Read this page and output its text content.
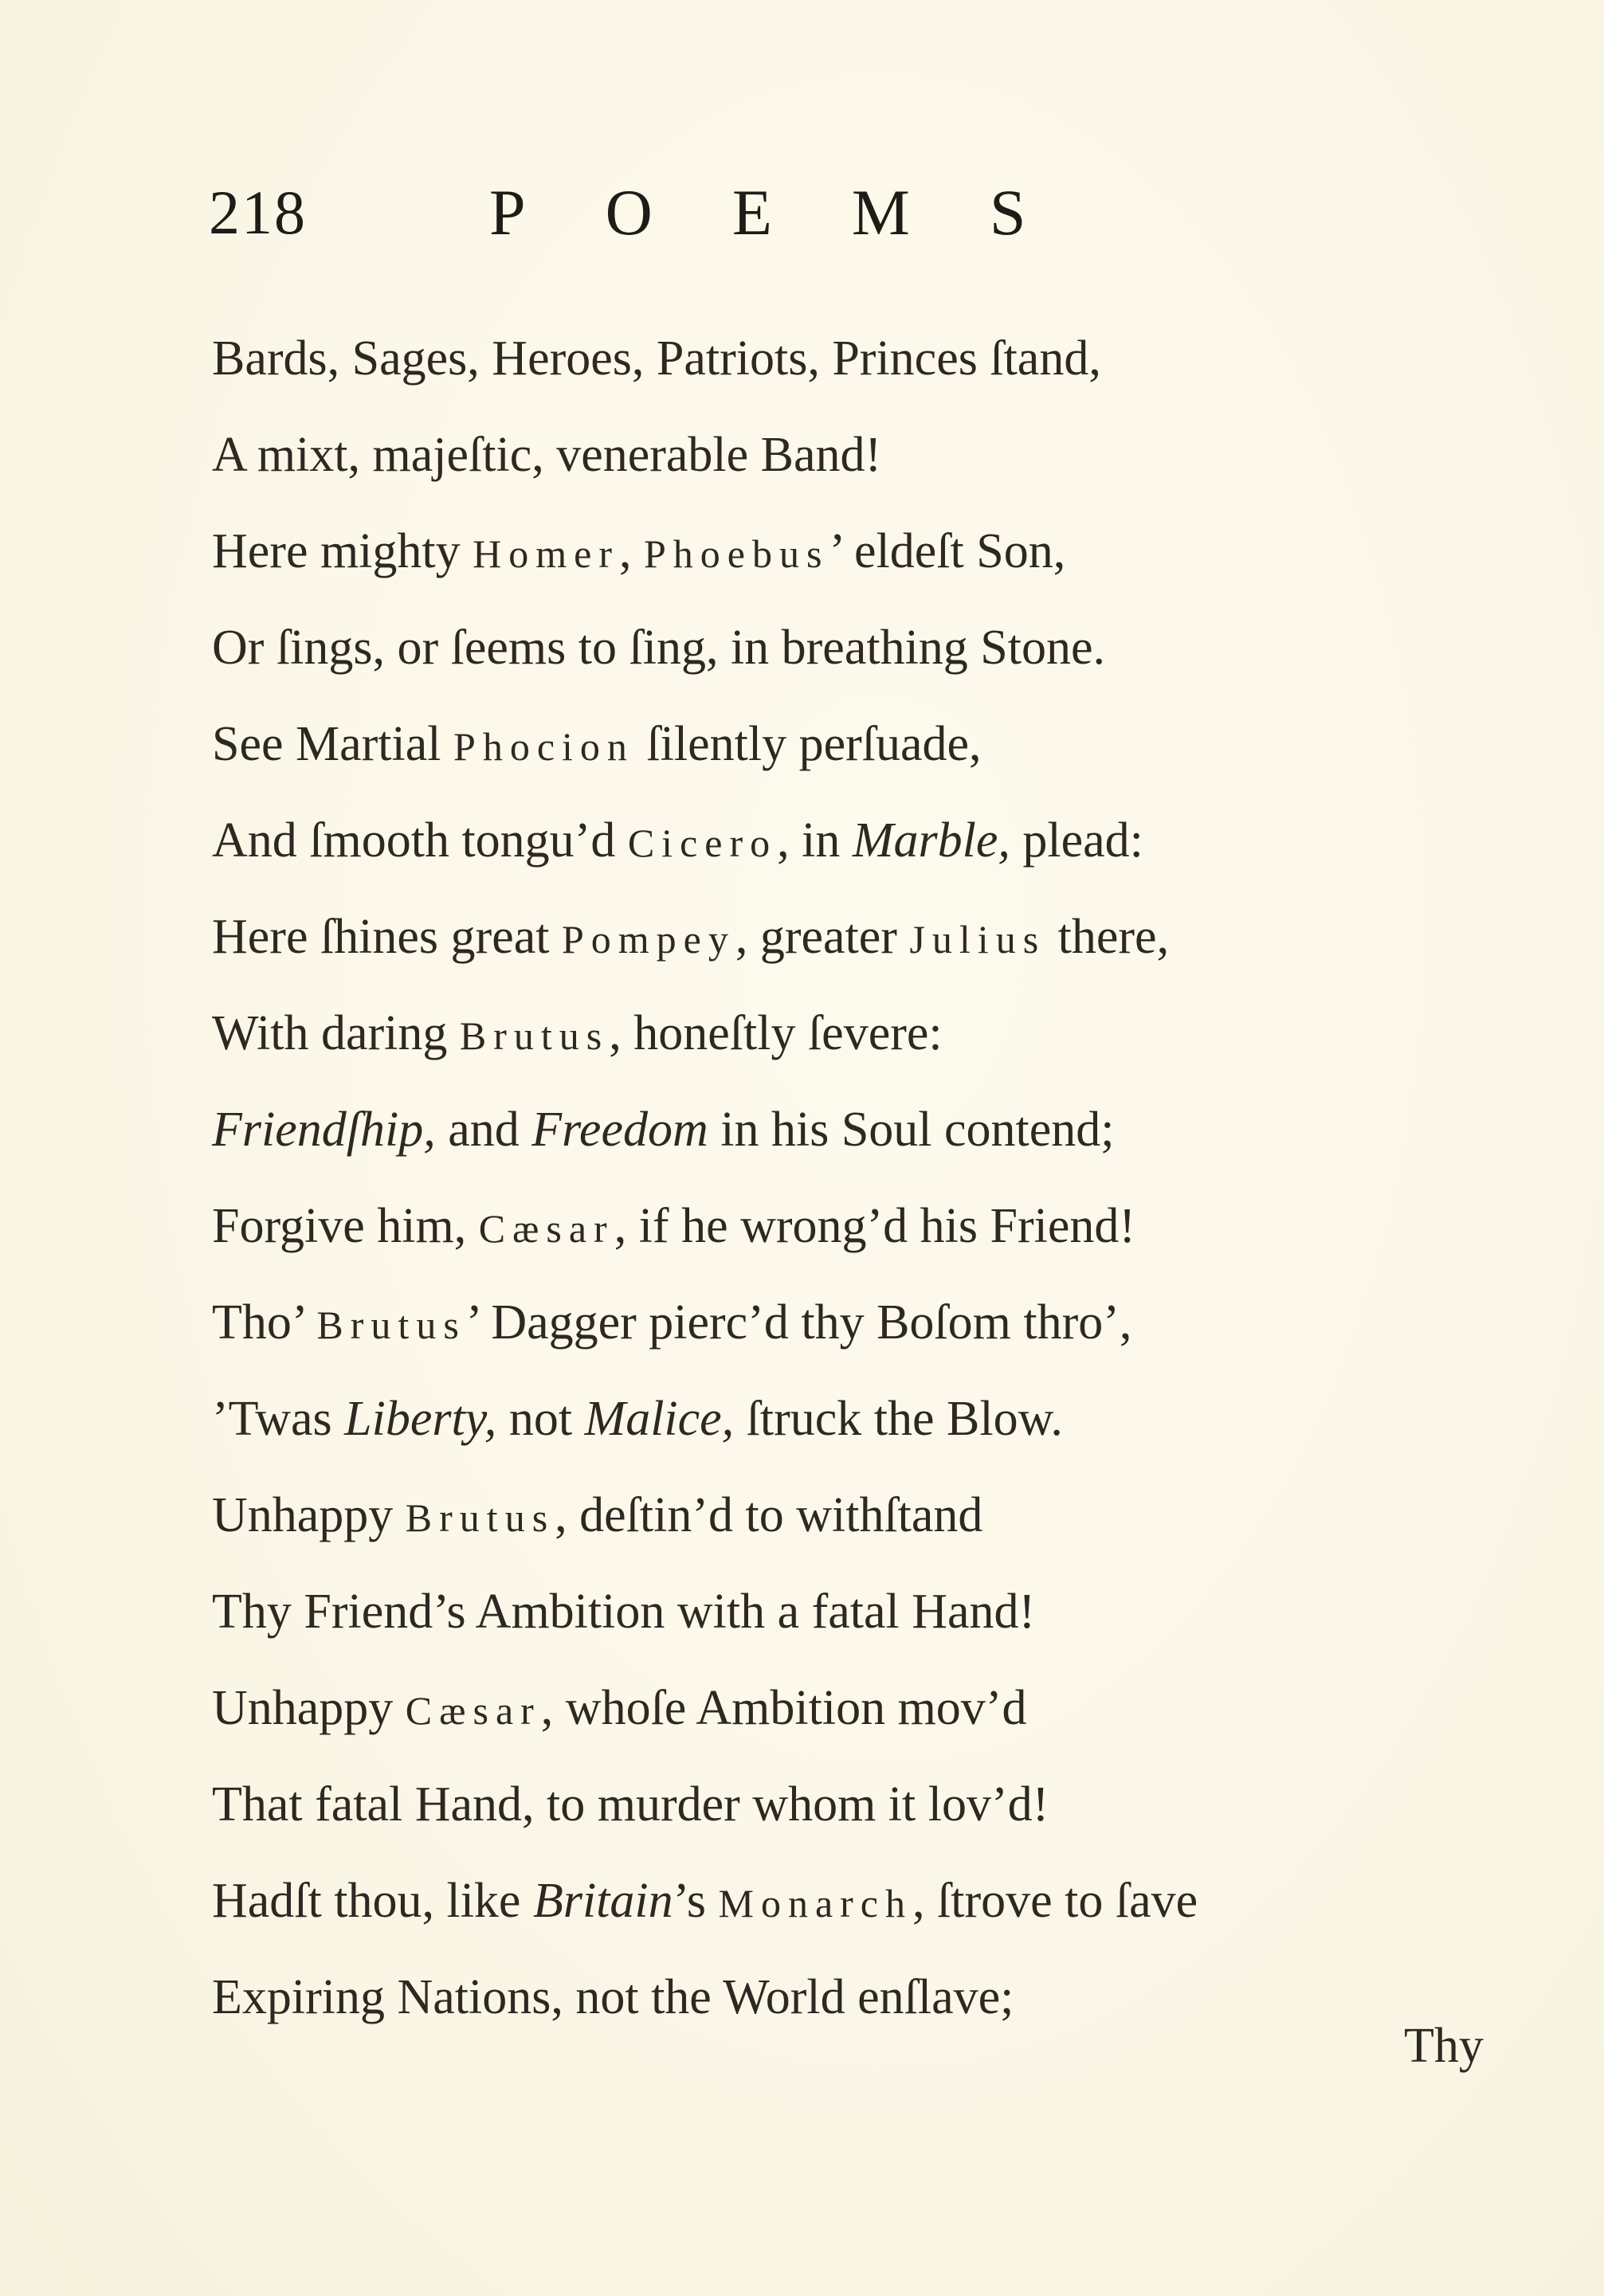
218	POEMS
Bards, Sages, Heroes, Patriots, Princes ſtand,
A mixt, majeſtic, venerable Band!
Here mighty Homer, Phoebus’ eldeſt Son,
Or ſings, or ſeems to ſing, in breathing Stone.
See Martial Phocion ſilently perſuade,
And ſmooth tongu’d Cicero, in Marble, plead:
Here ſhines great Pompey, greater Julius there,
With daring Brutus, honeſtly ſevere:
Friendſhip, and Freedom in his Soul contend;
Forgive him, Cæsar, if he wrong’d his Friend!
Tho’ Brutus’ Dagger pierc’d thy Boſom thro’,
’Twas Liberty, not Malice, ſtruck the Blow.
Unhappy Brutus, deſtin’d to withſtand
Thy Friend’s Ambition with a fatal Hand!
Unhappy Cæsar, whoſe Ambition mov’d
That fatal Hand, to murder whom it lov’d!
Hadſt thou, like Britain’s Monarch, ſtrove to ſave
Expiring Nations, not the World enſlave;
Thy
